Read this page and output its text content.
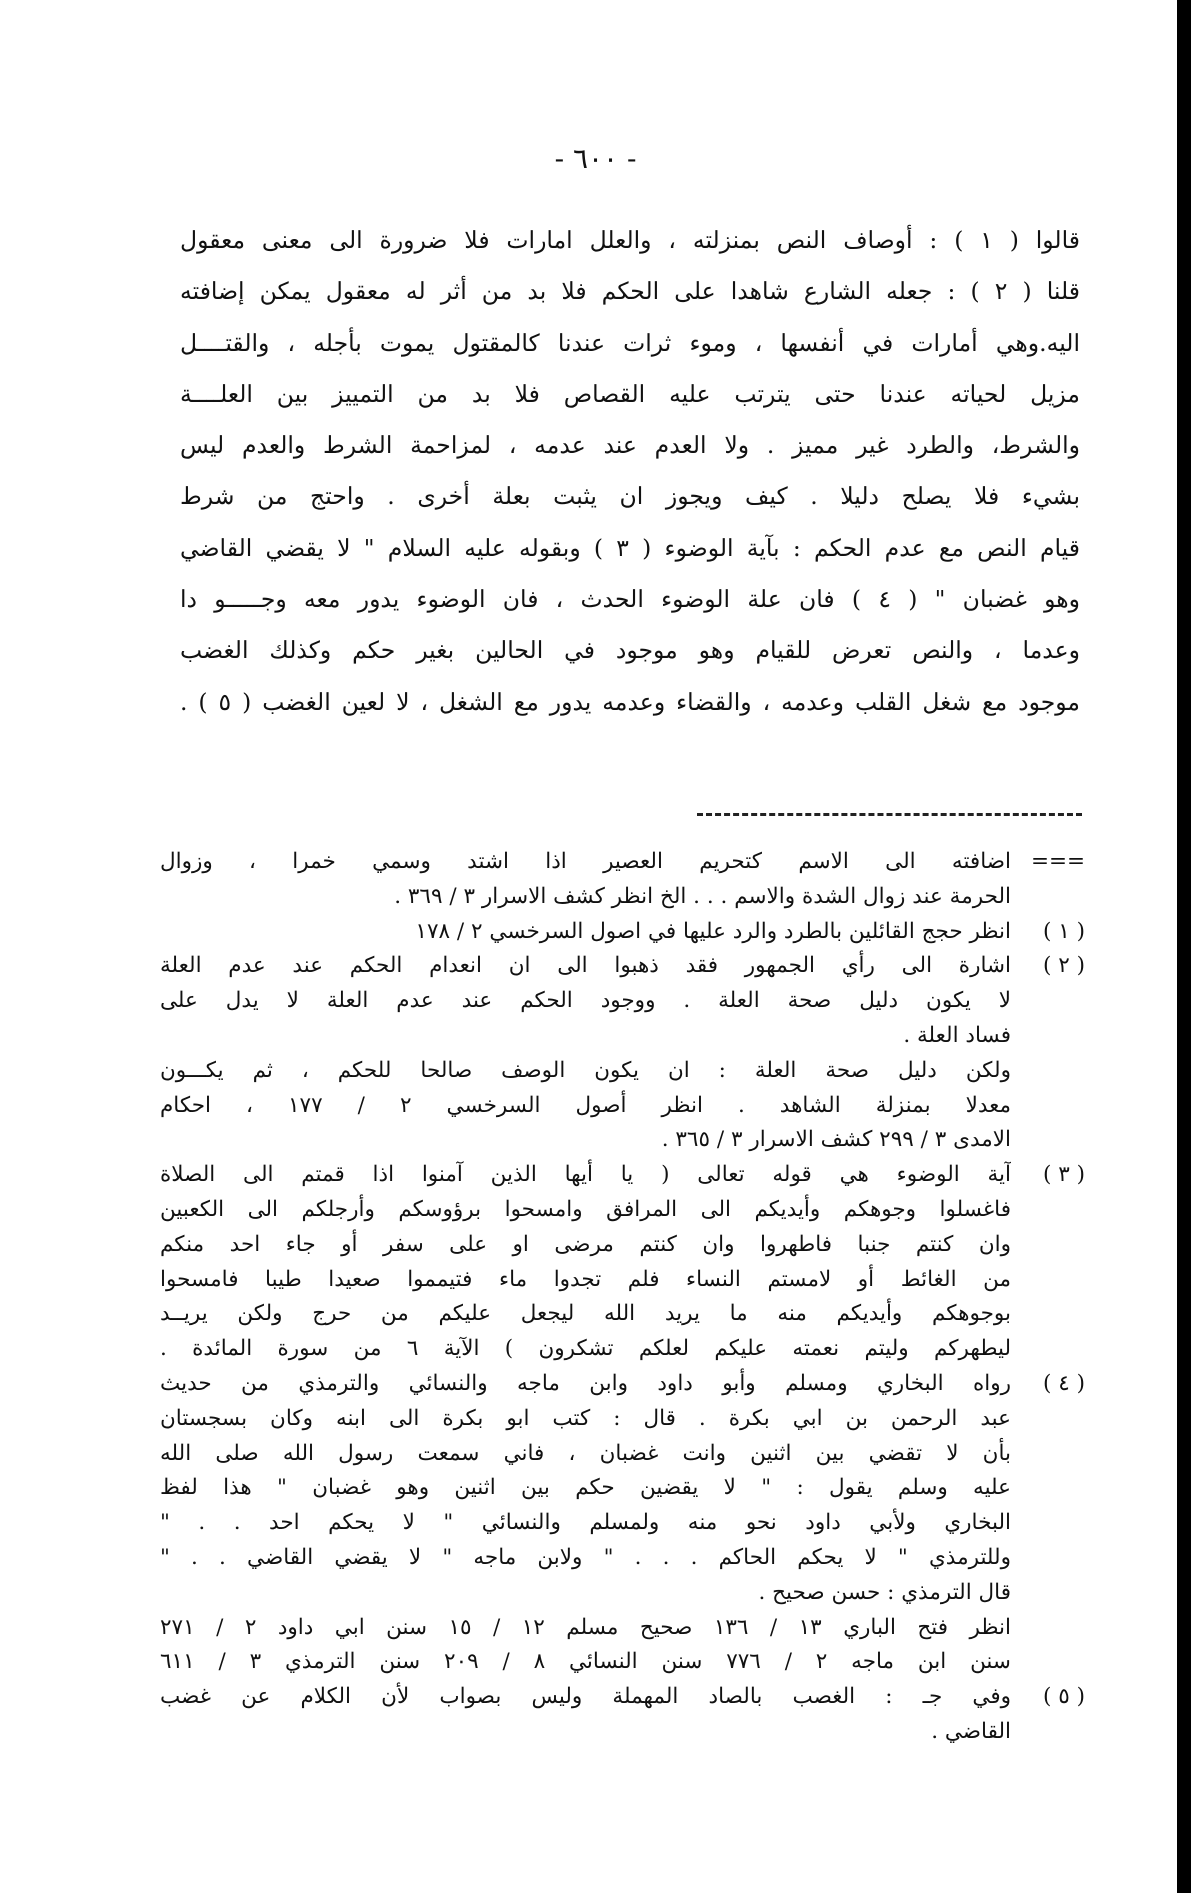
- ٦٠٠ -
قالوا ( ١ ) : أوصاف النص بمنزلته ، والعلل امارات فلا ضرورة الى معنى معقول
قلنا ( ٢ ) : جعله الشارع شاهدا على الحكم فلا بد من أثر له معقول يمكن إضافته
اليه.وهي أمارات في أنفسها ، وموء ثرات عندنا كالمقتول يموت بأجله ، والقتــــل
مزيل لحياته عندنا حتى يترتب عليه القصاص فلا بد من التمييز بين العلــــة
والشرط، والطرد غير مميز . ولا العدم عند عدمه ، لمزاحمة الشرط والعدم ليس
بشيء فلا يصلح دليلا . كيف ويجوز ان يثبت بعلة أخرى . واحتج من شرط
قيام النص مع عدم الحكم : بآية الوضوء ( ٣ ) وبقوله عليه السلام " لا يقضي القاضي
وهو غضبان " ( ٤ ) فان علة الوضوء الحدث ، فان الوضوء يدور معه وجـــــو دا
وعدما ، والنص تعرض للقيام وهو موجود في الحالين بغير حكم وكذلك الغضب
موجود مع شغل القلب وعدمه ، والقضاء وعدمه يدور مع الشغل ، لا لعين الغضب ( ٥ ) .
===
اضافته الى الاسم كتحريم العصير اذا اشتد وسمي خمرا ، وزوال
الحرمة عند زوال الشدة والاسم . . . الخ انظر كشف الاسرار ٣ / ٣٦٩ .
( ١ )
انظر حجج القائلين بالطرد والرد عليها في اصول السرخسي ٢ / ١٧٨
( ٢ )
اشارة الى رأي الجمهور فقد ذهبوا الى ان انعدام الحكم عند عدم العلة
لا يكون دليل صحة العلة . ووجود الحكم عند عدم العلة لا يدل على
فساد العلة .
ولكن دليل صحة العلة : ان يكون الوصف صالحا للحكم ، ثم يكـــون
معدلا بمنزلة الشاهد . انظر أصول السرخسي ٢ / ١٧٧ ، احكام
الامدى ٣ / ٢٩٩ كشف الاسرار ٣ / ٣٦٥ .
( ٣ )
آية الوضوء هي قوله تعالى ( يا أيها الذين آمنوا اذا قمتم الى الصلاة
فاغسلوا وجوهكم وأيديكم الى المرافق وامسحوا برؤوسكم وأرجلكم الى الكعبين
وان كنتم جنبا فاطهروا وان كنتم مرضى او على سفر أو جاء احد منكم
من الغائط أو لامستم النساء فلم تجدوا ماء فتيمموا صعيدا طيبا فامسحوا
بوجوهكم وأيديكم منه ما يريد الله ليجعل عليكم من حرج ولكن يريــد
ليطهركم وليتم نعمته عليكم لعلكم تشكرون ) الآية ٦ من سورة المائدة .
( ٤ )
رواه البخاري ومسلم وأبو داود وابن ماجه والنسائي والترمذي من حديث
عبد الرحمن بن ابي بكرة . قال : كتب ابو بكرة الى ابنه وكان بسجستان
بأن لا تقضي بين اثنين وانت غضبان ، فاني سمعت رسول الله صلى الله
عليه وسلم يقول : " لا يقضين حكم بين اثنين وهو غضبان " هذا لفظ
البخاري ولأبي داود نحو منه ولمسلم والنسائي " لا يحكم احد . . "
وللترمذي " لا يحكم الحاكم . . . " ولابن ماجه " لا يقضي القاضي . . "
قال الترمذي : حسن صحيح .
انظر فتح الباري ١٣ / ١٣٦ صحيح مسلم ١٢ / ١٥ سنن ابي داود ٢ / ٢٧١
سنن ابن ماجه ٢ / ٧٧٦ سنن النسائي ٨ / ٢٠٩ سنن الترمذي ٣ / ٦١١
( ٥ )
وفي جـ : الغصب بالصاد المهملة وليس بصواب لأن الكلام عن غضب
القاضي .
